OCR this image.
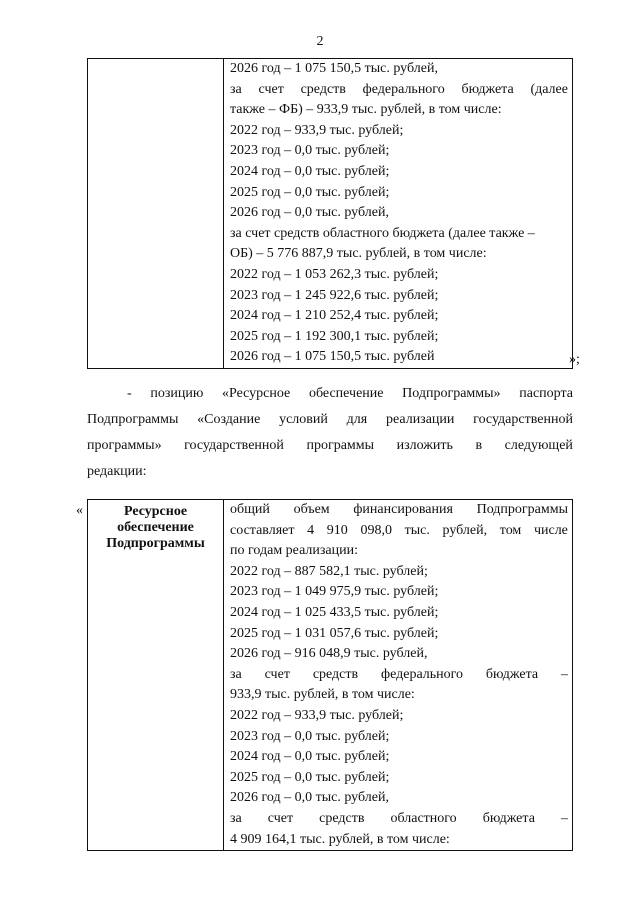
2

2026 год – 1 075 150,5 тыс. рублей,
за счет средств федерального бюджета (далее
также – ФБ) – 933,9 тыс. рублей, в том числе:
2022 год – 933,9 тыс. рублей;
2023 год – 0,0 тыс. рублей;
2024 год – 0,0 тыс. рублей;
2025 год – 0,0 тыс. рублей;
2026 год – 0,0 тыс. рублей,
за счет средств областного бюджета (далее также –
ОБ) – 5 776 887,9 тыс. рублей, в том числе:
2022 год – 1 053 262,3 тыс. рублей;
2023 год – 1 245 922,6 тыс. рублей;
2024 год – 1 210 252,4 тыс. рублей;
2025 год – 1 192 300,1 тыс. рублей;
2026 год – 1 075 150,5 тыс. рублей	»;
- позицию «Ресурсное обеспечение Подпрограммы» паспорта
Подпрограммы «Создание условий для реализации государственной
программы» государственной программы изложить в следующей
редакции:
«	Ресурсное обеспечение Подпрограммы

общий объем финансирования Подпрограммы
составляет 4 910 098,0 тыс. рублей, том числе
по годам реализации:
2022 год – 887 582,1 тыс. рублей;
2023 год – 1 049 975,9 тыс. рублей;
2024 год – 1 025 433,5 тыс. рублей;
2025 год – 1 031 057,6 тыс. рублей;
2026 год – 916 048,9 тыс. рублей,
за счет средств федерального бюджета –
933,9 тыс. рублей, в том числе:
2022 год – 933,9 тыс. рублей;
2023 год – 0,0 тыс. рублей;
2024 год – 0,0 тыс. рублей;
2025 год – 0,0 тыс. рублей;
2026 год – 0,0 тыс. рублей,
за счет средств областного бюджета –
4 909 164,1 тыс. рублей, в том числе:
